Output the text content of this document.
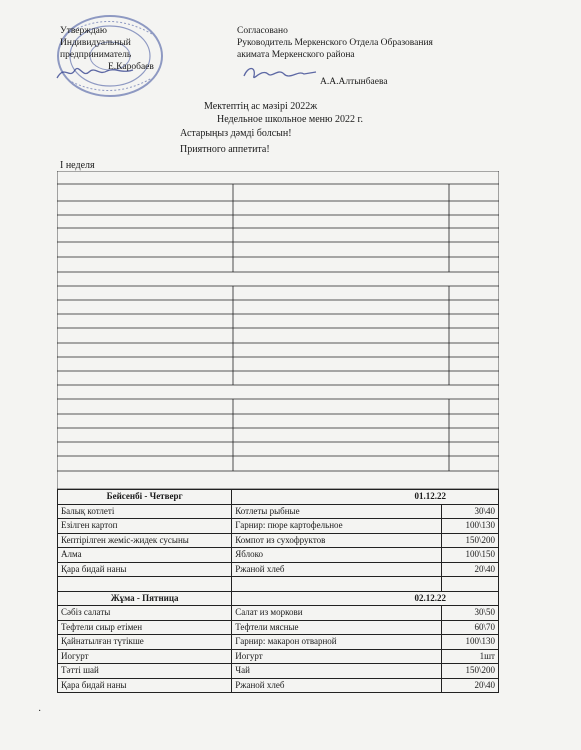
Утверждаю
Индивидуальный
предприниматель
Е.Каробаев
Согласовано
Руководитель Меркенского Отдела Образования
акимата Меркенского района
А.А.Алтынбаева
Мектептің ас мәзірі 2022ж
Недельное школьное меню 2022 г.
Астарыңыз дәмді болсын!
Приятного аппетита!
I неделя
Бейсенбі - Четверг	01.12.22	
Балық котлеті	Котлеты рыбные	30\40
Езілген картоп	Гарнир: пюре картофельное	100\130
Кептірілген жеміс-жидек сусыны	Компот из сухофруктов	150\200
Алма	Яблоко	100\150
Қара бидай наны	Ржаной хлеб	20\40

Жұма - Пятница	02.12.22	
Сәбіз салаты	Салат из моркови	30\50
Тефтели сиыр етімен	Тефтели мясные	60\70
Қайнатылған түтікше	Гарнир: макарон отварной	100\130
Иогурт	Иогурт	1шт
Тәтті шай	Чай	150\200
Қара бидай наны	Ржаной хлеб	20\40
·
